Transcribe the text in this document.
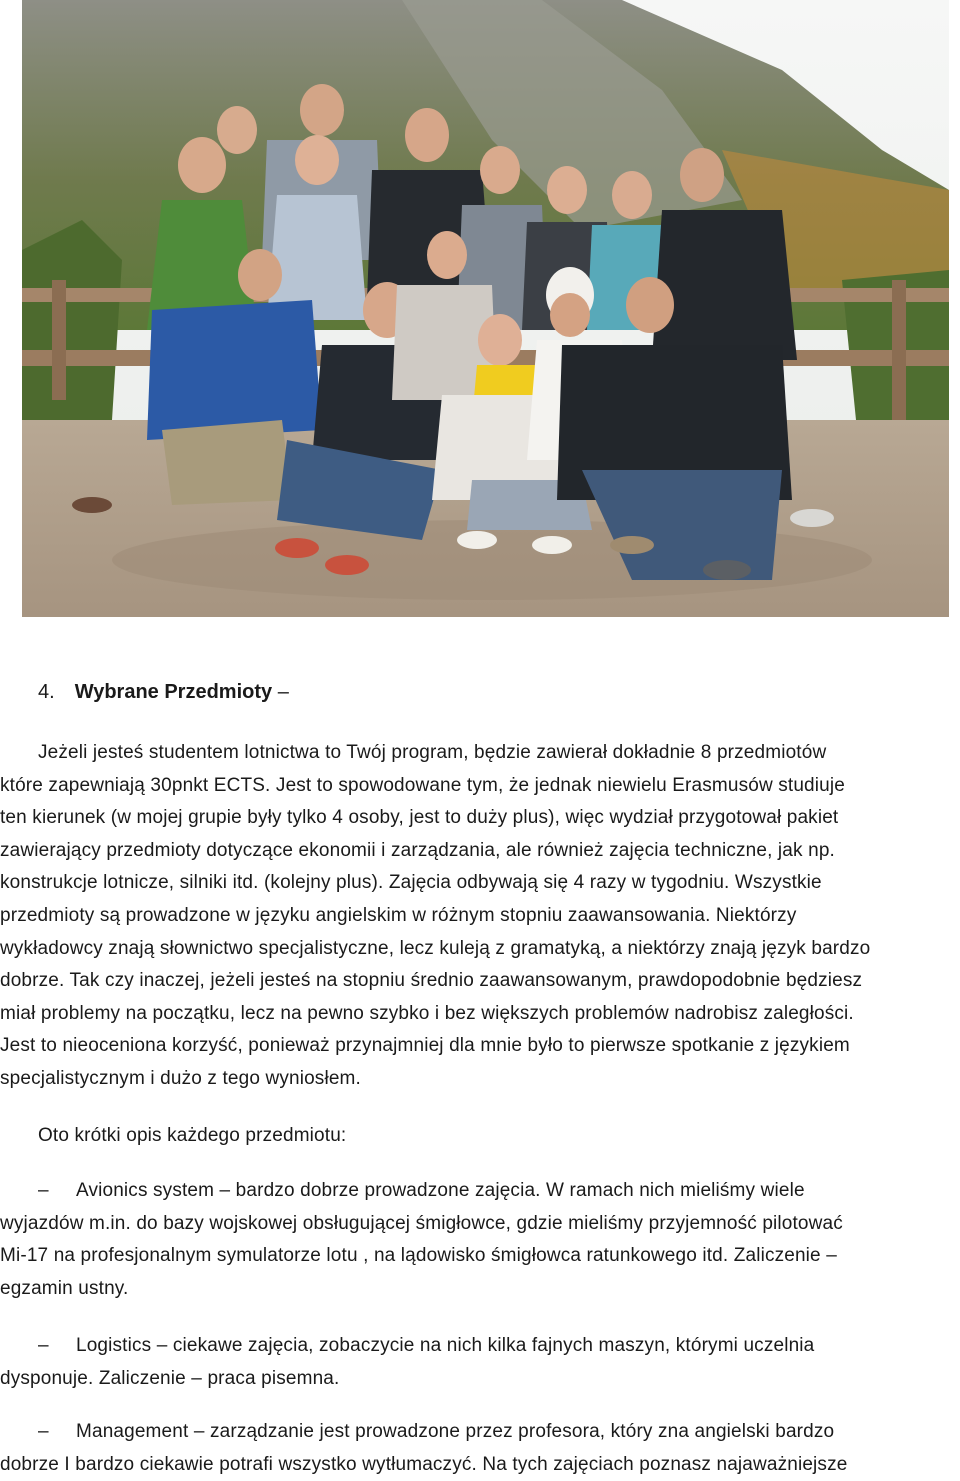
4. Wybrane Przedmioty –
Jeżeli jesteś studentem lotnictwa to Twój program, będzie zawierał dokładnie 8 przedmiotów
które zapewniają 30pnkt ECTS. Jest to spowodowane tym, że jednak niewielu Erasmusów studiuje
ten kierunek (w mojej grupie były tylko 4 osoby, jest to duży plus), więc wydział przygotował pakiet
zawierający przedmioty dotyczące ekonomii i zarządzania, ale również zajęcia techniczne, jak np.
konstrukcje lotnicze, silniki itd. (kolejny plus). Zajęcia odbywają się 4 razy w tygodniu. Wszystkie
przedmioty są prowadzone w języku angielskim w różnym stopniu zaawansowania. Niektórzy
wykładowcy znają słownictwo specjalistyczne, lecz kuleją z gramatyką, a niektórzy znają język bardzo
dobrze. Tak czy inaczej, jeżeli jesteś na stopniu średnio zaawansowanym, prawdopodobnie będziesz
miał problemy na początku, lecz na pewno szybko i bez większych problemów nadrobisz zaległości.
Jest to nieoceniona korzyść, ponieważ przynajmniej dla mnie było to pierwsze spotkanie z językiem
specjalistycznym i dużo z tego wyniosłem.
Oto krótki opis każdego przedmiotu:
– Avionics system – bardzo dobrze prowadzone zajęcia. W ramach nich mieliśmy wiele
wyjazdów m.in. do bazy wojskowej obsługującej śmigłowce, gdzie mieliśmy przyjemność pilotować
Mi-17 na profesjonalnym symulatorze lotu , na lądowisko śmigłowca ratunkowego itd. Zaliczenie –
egzamin ustny.
– Logistics – ciekawe zajęcia, zobaczycie na nich kilka fajnych maszyn, którymi uczelnia
dysponuje. Zaliczenie – praca pisemna.
– Management – zarządzanie jest prowadzone przez profesora, który zna angielski bardzo
dobrze I bardzo ciekawie potrafi wszystko wytłumaczyć. Na tych zajęciach poznasz najaważniejsze
